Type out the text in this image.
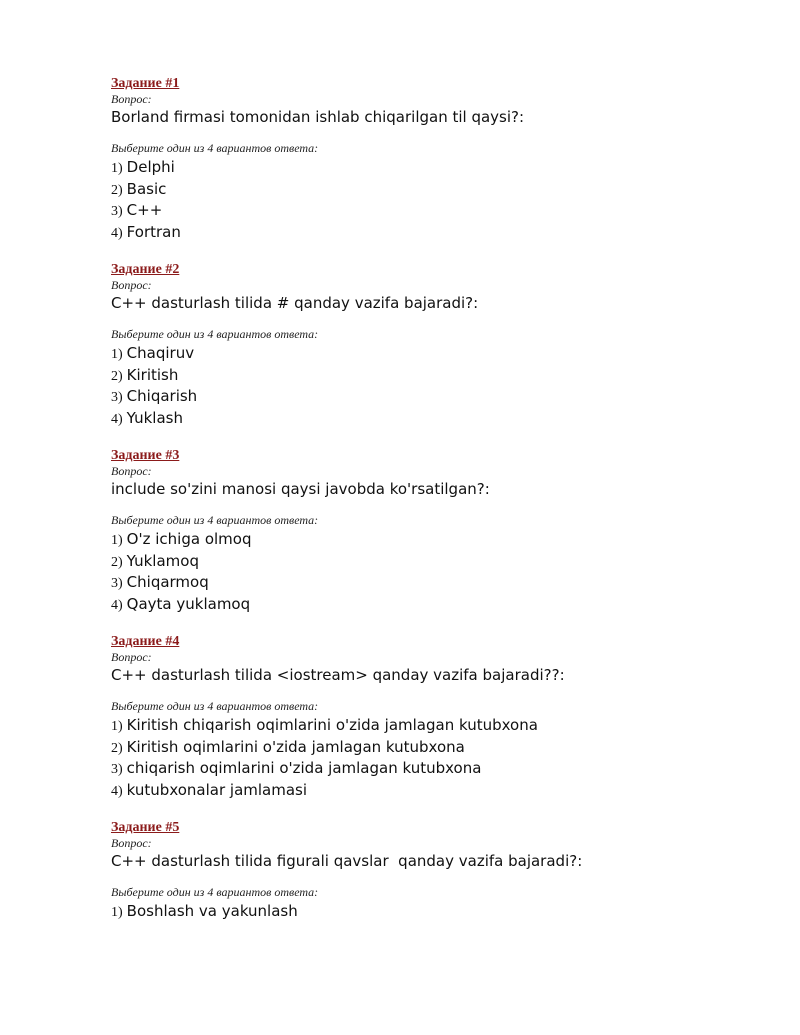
Задание #1
Вопрос:
Borland firmasi tomonidan ishlab chiqarilgan til qaysi?:
Выберите один из 4 вариантов ответа:
1) Delphi
2) Basic
3) C++
4) Fortran
Задание #2
Вопрос:
C++ dasturlash tilida # qanday vazifa bajaradi?:
Выберите один из 4 вариантов ответа:
1) Chaqiruv
2) Kiritish
3) Chiqarish
4) Yuklash
Задание #3
Вопрос:
include so'zini manosi qaysi javobda ko'rsatilgan?:
Выберите один из 4 вариантов ответа:
1) O'z ichiga olmoq
2) Yuklamoq
3) Chiqarmoq
4) Qayta yuklamoq
Задание #4
Вопрос:
C++ dasturlash tilida <iostream> qanday vazifa bajaradi??:
Выберите один из 4 вариантов ответа:
1) Kiritish chiqarish oqimlarini o'zida jamlagan kutubxona
2) Kiritish oqimlarini o'zida jamlagan kutubxona
3) chiqarish oqimlarini o'zida jamlagan kutubxona
4) kutubxonalar jamlamasi
Задание #5
Вопрос:
C++ dasturlash tilida figurali qavslar  qanday vazifa bajaradi?:
Выберите один из 4 вариантов ответа:
1) Boshlash va yakunlash
